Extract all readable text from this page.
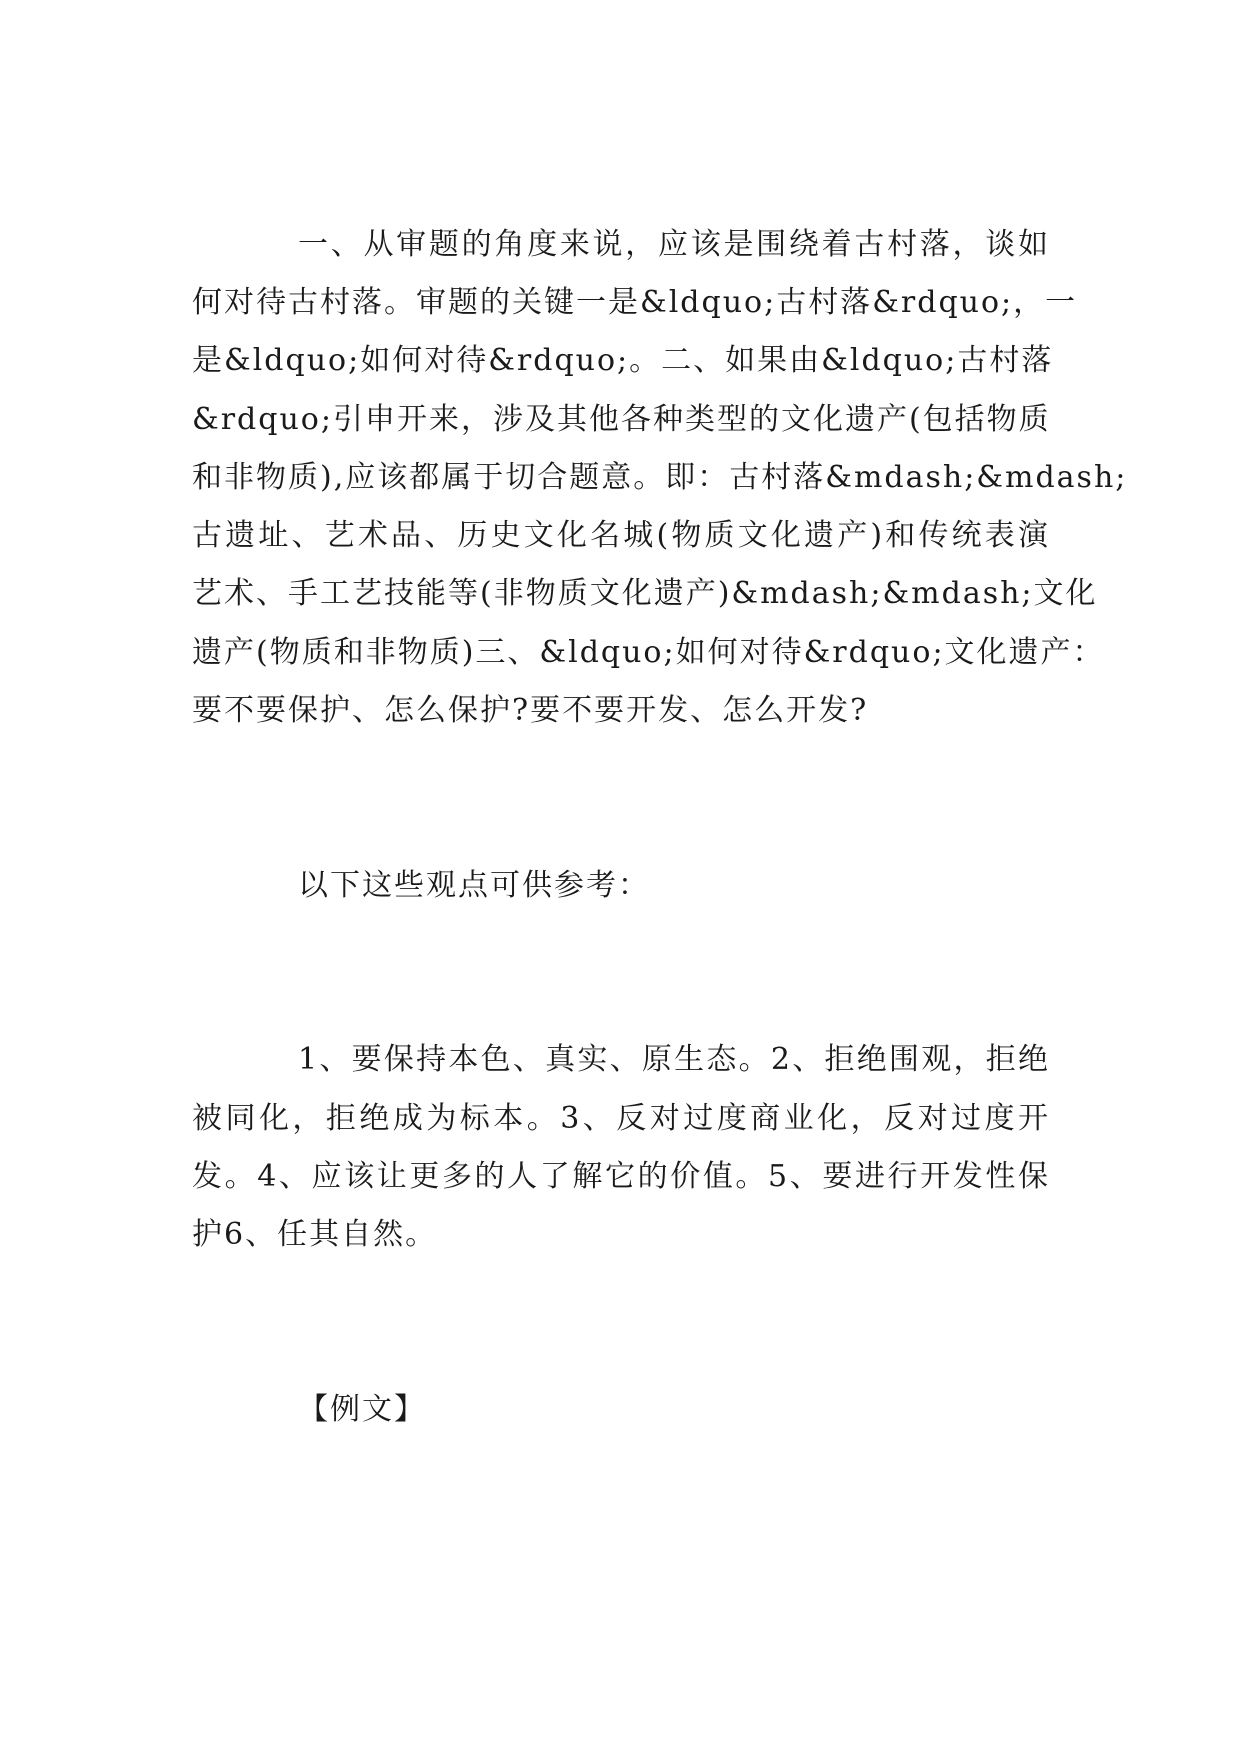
一、从审题的角度来说，应该是围绕着古村落，谈如
何对待古村落。审题的关键一是&ldquo;古村落&rdquo;，一
是&ldquo;如何对待&rdquo;。二、如果由&ldquo;古村落
&rdquo;引申开来，涉及其他各种类型的文化遗产(包括物质
和非物质),应该都属于切合题意。即：古村落&mdash;&mdash;
古遗址、艺术品、历史文化名城(物质文化遗产)和传统表演
艺术、手工艺技能等(非物质文化遗产)&mdash;&mdash;文化
遗产(物质和非物质)三、&ldquo;如何对待&rdquo;文化遗产：
要不要保护、怎么保护?要不要开发、怎么开发?
以下这些观点可供参考：
1、要保持本色、真实、原生态。2、拒绝围观，拒绝
被同化，拒绝成为标本。3、反对过度商业化，反对过度开
发。4、应该让更多的人了解它的价值。5、要进行开发性保
护6、任其自然。
【例文】
